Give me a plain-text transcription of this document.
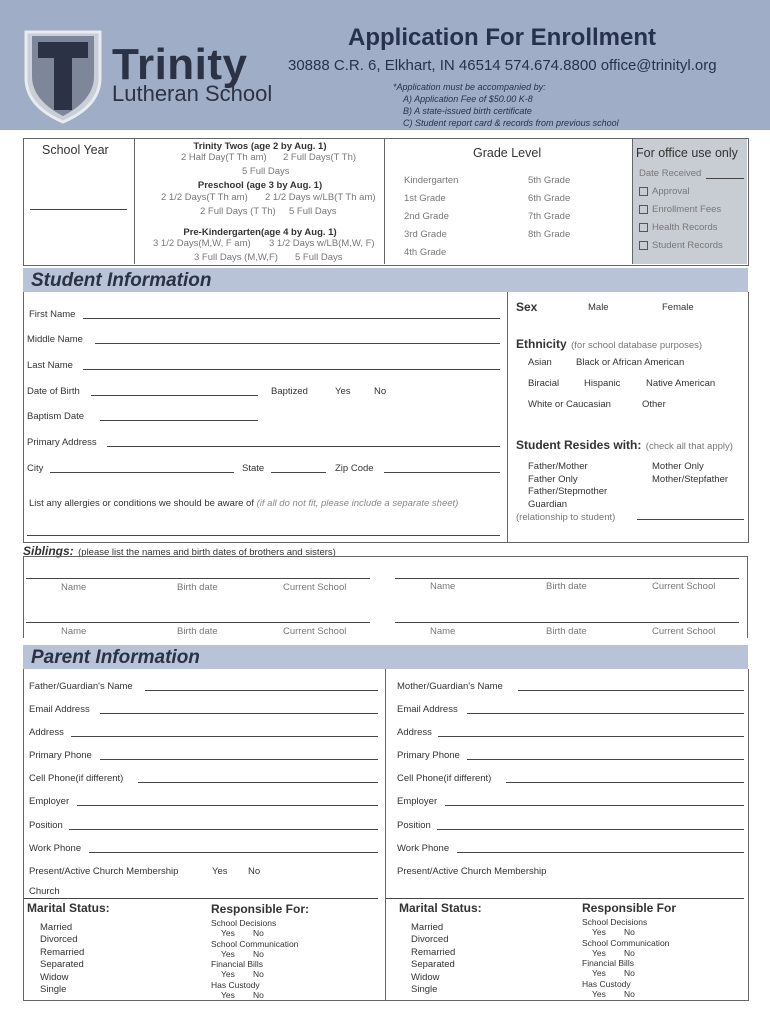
Trinity
Lutheran School
Application For Enrollment
30888 C.R. 6, Elkhart, IN 46514 574.674.8800 office@trinityl.org
*Application must be accompanied by:
A) Application Fee of $50.00 K-8
B) A state-issued birth certificate
C) Student report card & records from previous school
School Year	Trinity Twos (age 2 by Aug. 1)
2 Half Day(T Th am) 2 Full Days(T Th)
5 Full Days
Preschool (age 3 by Aug. 1)
2 1/2 Days(T Th am) 2 1/2 Days w/LB(T Th am)
2 Full Days (T Th) 5 Full Days
Pre-Kindergarten(age 4 by Aug. 1)
3 1/2 Days(M,W, F am) 3 1/2 Days w/LB(M,W, F)
3 Full Days (M,W,F) 5 Full Days
Grade Level
Kindergarten
1st Grade
2nd Grade
3rd Grade
4th Grade
5th Grade
6th Grade
7th Grade
8th Grade
For office use only
Date Received
Approval
Enrollment Fees
Health Records
Student Records
Student Information
First Name
Middle Name
Last Name
Date of Birth	Baptized	Yes No
Baptism Date
Primary Address
City	State	Zip Code
List any allergies or conditions we should be aware of (if all do not fit, please include a separate sheet)
Sex	Male	Female
Ethnicity (for school database purposes)
Asian	Black or African American
Biracial	Hispanic	Native American
White or Caucasian	Other
Student Resides with: (check all that apply)
Father/Mother
Father Only
Father/Stepmother
Guardian
(relationship to student)
Mother Only
Mother/Stepfather
Siblings: (please list the names and birth dates of brothers and sisters)
Name	Birth date	Current School	Name	Birth date	Current School
Name	Birth date	Current School	Name	Birth date	Current School
Parent Information
Father/Guardian's Name
Email Address
Address
Primary Phone
Cell Phone(if different)
Employer
Position
Work Phone
Present/Active Church Membership	Yes No
Church
Marital Status:
Married
Divorced
Remarried
Separated
Widow
Single
Responsible For:
School Decisions
Yes No
School Communication
Yes No
Financial Bills
Yes No
Has Custody
Yes No
Mother/Guardian's Name
Email Address
Address
Primary Phone
Cell Phone(if different)
Employer
Position
Work Phone
Present/Active Church Membership
Marital Status:
Married
Divorced
Remarried
Separated
Widow
Single
Responsible For
School Decisions
Yes No
School Communication
Yes No
Financial Bills
Yes No
Has Custody
Yes No
